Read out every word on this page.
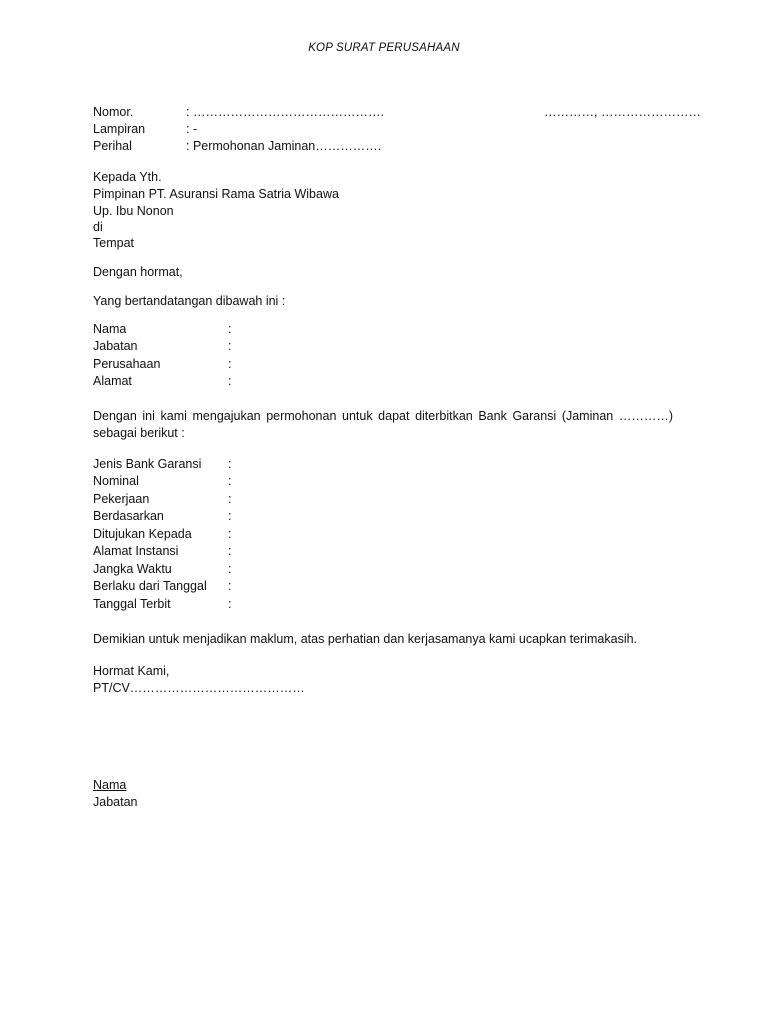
KOP SURAT PERUSAHAAN
Nomor.	: ……………………………………….	…………, ……………………
Lampiran	: -
Perihal	: Permohonan Jaminan…………….
Kepada Yth.
Pimpinan PT. Asuransi Rama Satria Wibawa
Up. Ibu Nonon
di
Tempat
Dengan hormat,
Yang bertandatangan dibawah ini :
Nama	:
Jabatan	:
Perusahaan	:
Alamat	:
Dengan ini kami mengajukan permohonan untuk dapat diterbitkan Bank Garansi (Jaminan …………)
sebagai berikut :
Jenis Bank Garansi :
Nominal	:
Pekerjaan	:
Berdasarkan	:
Ditujukan Kepada	:
Alamat Instansi	:
Jangka Waktu	:
Berlaku dari Tanggal :
Tanggal Terbit	:
Demikian untuk menjadikan maklum, atas perhatian dan kerjasamanya kami ucapkan terimakasih.
Hormat Kami,
PT/CV……………………………………
Nama
Jabatan
